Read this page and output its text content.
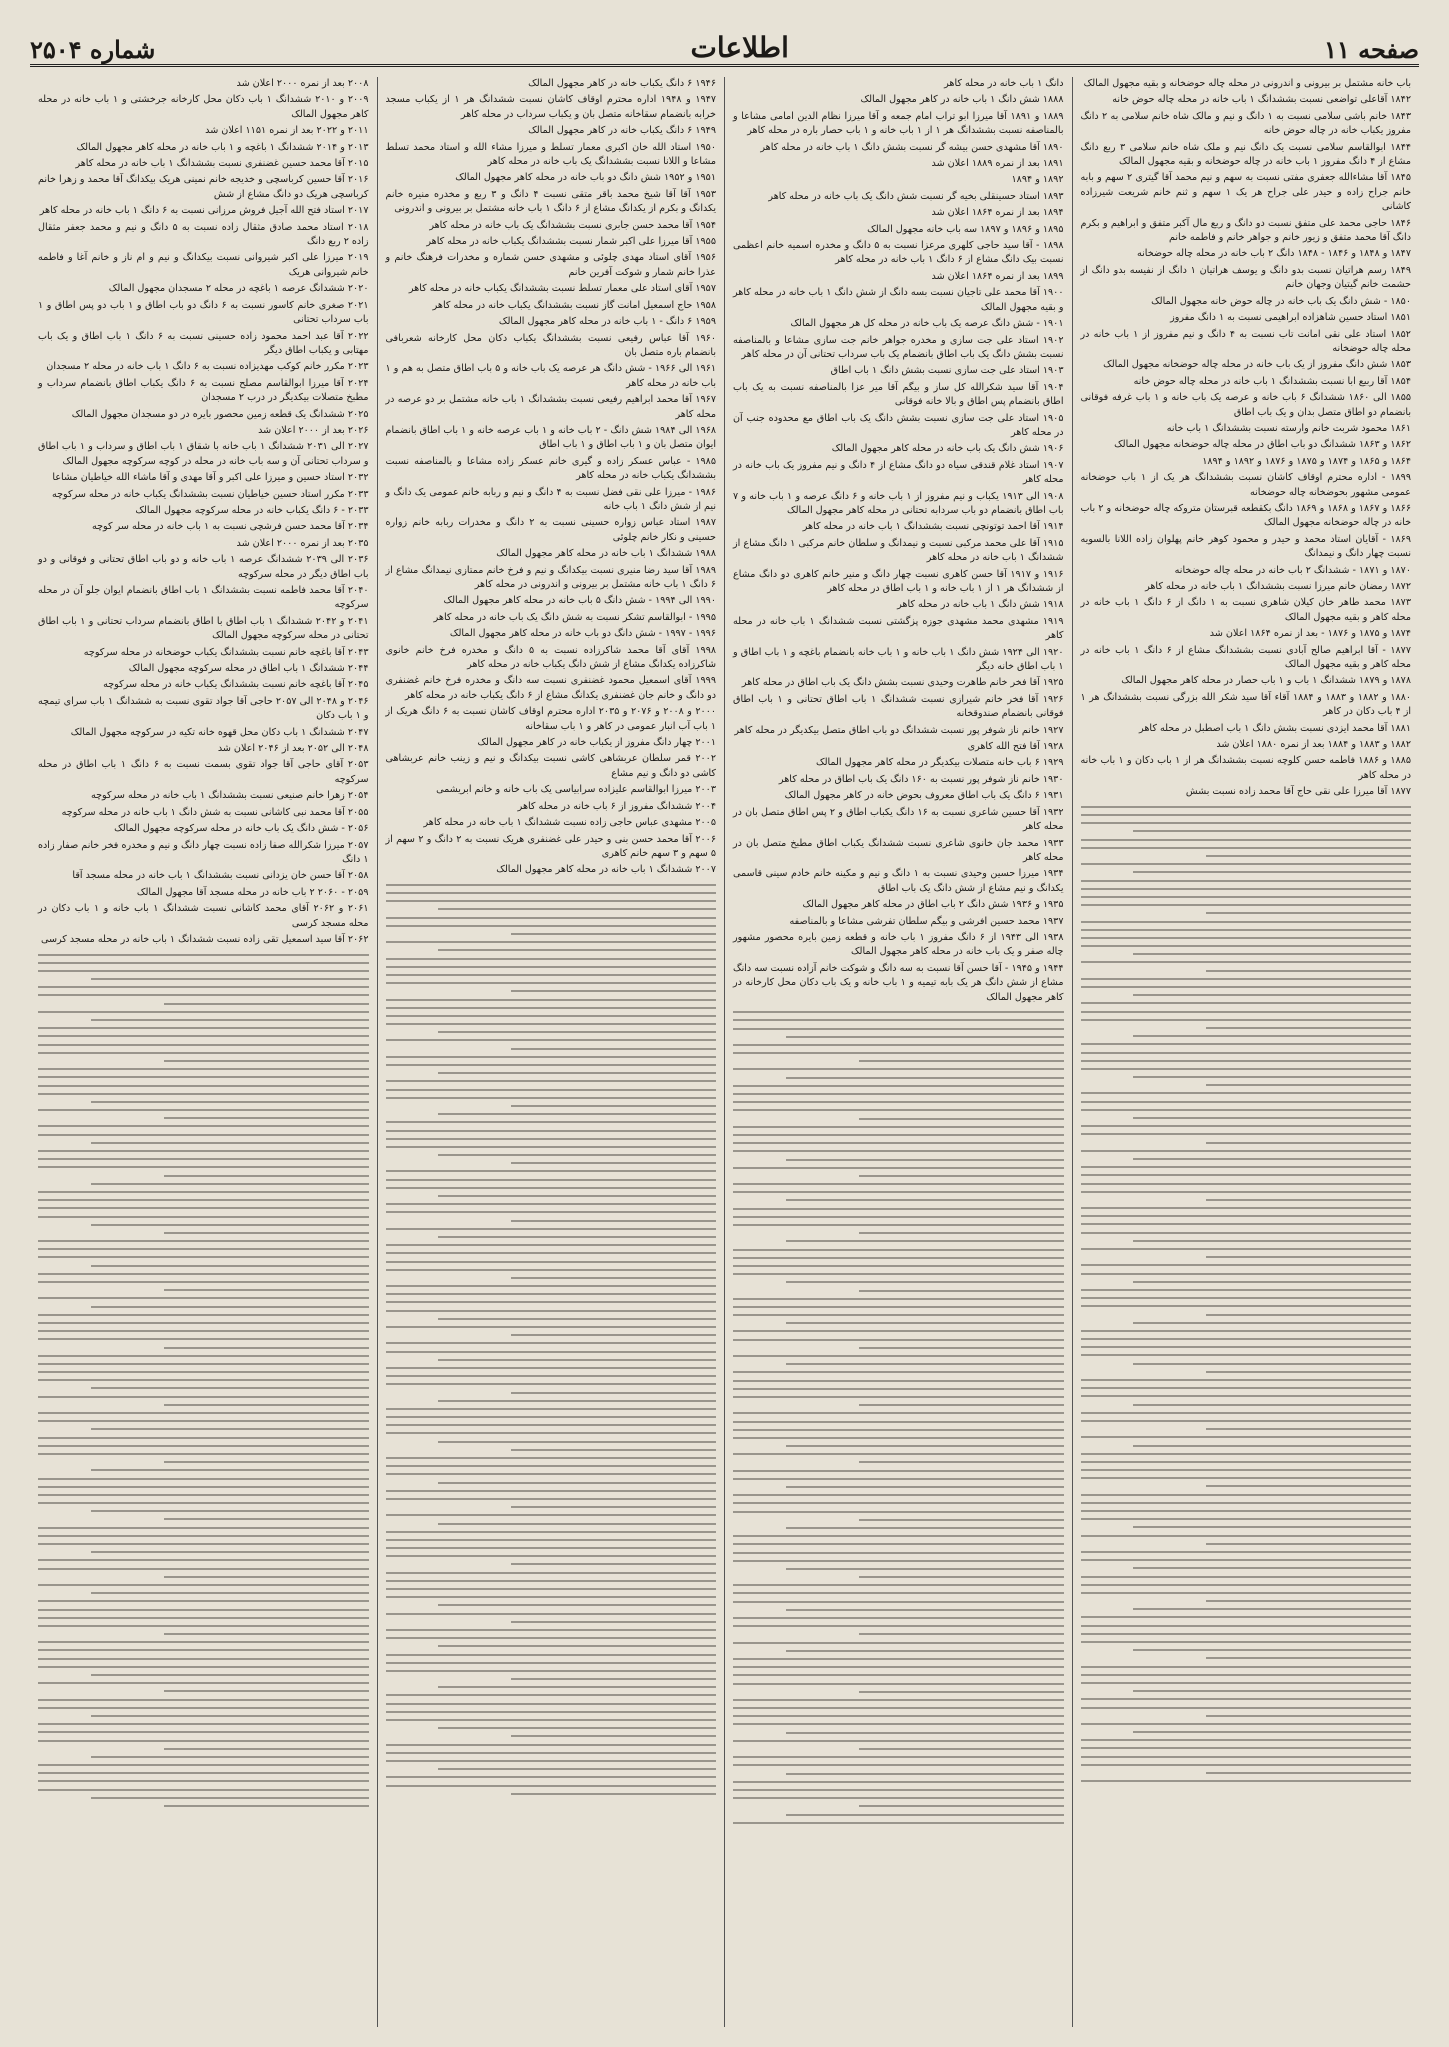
صفحه ۱۱
اطلاعات
شماره ۲۵۰۴

باب خانه مشتمل بر بیرونی و اندرونی در محله چاله حوضخانه و بقیه مجهول المالک

۱۸۴۲ آقاعلی تواضعی نسبت بششدانگ ۱ باب خانه در محله چاله حوض خانه

۱۸۴۳ خانم باشی سلامی نسبت به ۱ دانگ و نیم و مالک شاه خانم سلامی به ۲ دانگ مفروز یکباب خانه در چاله حوض خانه

۱۸۴۴ ابوالقاسم سلامی نسبت یک دانگ نیم و ملک شاه خانم سلامی ۳ ربع دانگ مشاع از ۴ دانگ مفروز ۱ باب خانه در چاله حوضخانه و بقیه مجهول المالک

۱۸۴۵ آقا مشاءالله جعفری مفتی نسبت به سهم و نیم محمد آقا گیتری ۲ سهم و بابه خانم جراح زاده و حیدر علی جراح هر یک ۱ سهم و ثنم خانم شریعت شیرزاده کاشانی

۱۸۴۶ حاجی محمد علی متفق نسبت دو دانگ و ربع مال آکبر متفق و ابراهیم و بکرم دانگ آقا محمد متفق و زیور خانم و جواهر خانم و فاطمه خانم

۱۸۴۷ و ۱۸۴۸ و ۱۸۴۶ - ۱۸۴۸ دانگ ۲ باب خانه در محله چاله حوضخانه

۱۸۴۹ رسم هراتیان نسبت بدو دانگ و یوسف هراتیان ۱ دانگ از نفیسه بدو دانگ از حشمت خانم گیتیان وجهان خانم

۱۸۵۰ - شش دانگ یک باب خانه در چاله حوض خانه مجهول المالک

۱۸۵۱ استاد حسین شاهزاده ابراهیمی نسبت به ۱ دانگ مفروز

۱۸۵۲ استاد علی نقی امانت تاب نسبت به ۴ دانگ و نیم مفروز از ۱ باب خانه در محله چاله حوضخانه

۱۸۵۳ شش دانگ مفروز از یک باب خانه در محله چاله حوضخانه مجهول المالک

۱۸۵۴ آقا ربیع ابا نسبت بششدانگ ۱ باب خانه در محله چاله حوض خانه

۱۸۵۵ الی ۱۸۶۰ ششدانگ ۶ باب خانه و عرصه یک باب خانه و ۱ باب غرفه فوقانی بانضمام دو اطاق متصل بدان و یک باب اطاق

۱۸۶۱ محمود شربت خانم وارسته نسبت بششدانگ ۱ باب خانه

۱۸۶۲ و ۱۸۶۳ ششدانگ دو باب اطاق در محله چاله حوضخانه مجهول المالک

۱۸۶۴ و ۱۸۶۵ و ۱۸۷۴ و ۱۸۷۵ و ۱۸۷۶ و ۱۸۹۲ و ۱۸۹۴

۱۸۹۹ - اداره محترم اوقاف کاشان نسبت بششدانگ هر یک از ۱ باب حوضخانه عمومی مشهور بحوضخانه چاله حوضخانه

۱۸۶۶ و ۱۸۶۷ و ۱۸۶۸ و ۱۸۶۹ دانگ بکقطعه قبرستان متروکه چاله حوضخانه و ۲ باب خانه در چاله حوضخانه مجهول المالک

۱۸۶۹ - آقایان استاد محمد و حیدر و محمود کوهر خانم پهلوان زاده اللانا بالسویه نسبت چهار دانگ و نیمدانگ

۱۸۷۰ و ۱۸۷۱ - ششدانگ ۲ باب خانه در محله چاله حوضخانه

۱۸۷۲ رمضان خانم میرزا نسبت بششدانگ ۱ باب خانه در محله کاهر

۱۸۷۳ محمد طاهر خان کیلان شاهری نسبت به ۱ دانگ از ۶ دانگ ۱ باب خانه در محله کاهر و بقیه مجهول المالک

۱۸۷۴ و ۱۸۷۵ و ۱۸۷۶ - بعد از نمره ۱۸۶۴ اعلان شد

۱۸۷۷ - آقا ابراهیم صالح آبادی نسبت بششدانگ مشاع از ۶ دانگ ۱ باب خانه در محله کاهر و بقیه مجهول المالک

۱۸۷۸ و ۱۸۷۹ ششدانگ ۱ باب و ۱ باب حصار در محله کاهر مجهول المالک

۱۸۸۰ و ۱۸۸۲ و ۱۸۸۳ و ۱۸۸۴ آقاء آقا سید شکر الله بزرگی نسبت بششدانگ هر ۱ از ۴ باب دکان در کاهر

۱۸۸۱ آقا محمد ایزدی نسبت بشش دانگ ۱ باب اصطبل در محله کاهر

۱۸۸۲ و ۱۸۸۳ و ۱۸۸۴ بعد از نمره ۱۸۸۰ اعلان شد

۱۸۸۵ و ۱۸۸۶ فاطمه حسن کلوچه نسبت بششدانگ هر از ۱ باب دکان و ۱ باب خانه در محله کاهر

۱۸۷۷ آقا میرزا علی نقی حاج آقا محمد زاده نسبت بشش

دانگ ۱ باب خانه در محله کاهر

۱۸۸۸ شش دانگ ۱ باب خانه در کاهر مجهول المالک

۱۸۸۹ و ۱۸۹۱ آقا میرزا ابو تراب امام جمعه و آقا میرزا نظام الدین امامی مشاعا و بالمناصفه نسبت بششدانگ هر ۱ از ۱ باب خانه و ۱ باب حصار باره در محله کاهر

۱۸۹۰ آقا مشهدی حسن بیشه گر نسبت بشش دانگ ۱ باب خانه در محله کاهر

۱۸۹۱ بعد از نمره ۱۸۸۹ اعلان شد

۱۸۹۲ و ۱۸۹۴

۱۸۹۳ استاد حسینقلی بخیه گر نسبت شش دانگ یک باب خانه در محله کاهر

۱۸۹۴ بعد از نمره ۱۸۶۴ اعلان شد

۱۸۹۵ و ۱۸۹۶ و ۱۸۹۷ سه باب خانه مجهول المالک

۱۸۹۸ - آقا سید حاجی کلهری مرعزا نسبت به ۵ دانگ و مخدره اسمیه خانم اعظمی نسبت بیک دانگ مشاع از ۶ دانگ ۱ باب خانه در محله کاهر

۱۸۹۹ بعد از نمره ۱۸۶۴ اعلان شد

۱۹۰۰ آقا محمد علی تاجیان نسبت بسه دانگ از شش دانگ ۱ باب خانه در محله کاهر و بقیه مجهول المالک

۱۹۰۱ - شش دانگ عرصه یک باب خانه در محله کل هر مجهول المالک

۱۹۰۲ استاد علی جت سازی و مخدره جواهر خانم جت سازی مشاعا و بالمناصفه نسبت بشش دانگ یک باب اطاق بانضمام یک باب سرداب تحتانی آن در محله کاهر

۱۹۰۳ استاد علی جت سازی نسبت بشش دانگ ۱ باب اطاق

۱۹۰۴ آقا سید شکرالله کل ساز و بیگم آقا میر عزا بالمناصفه نسبت به یک باب اطاق بانضمام پس اطاق و بالا خانه فوقانی

۱۹۰۵ استاد علی جت سازی نسبت بشش دانگ یک باب اطاق مع محدوده جنب آن در محله کاهر

۱۹۰۶ شش دانگ یک باب خانه در محله کاهر مجهول المالک

۱۹۰۷ استاد غلام قندقی سیاه دو دانگ مشاع از ۴ دانگ و نیم مفروز یک باب خانه در محله کاهر

۱۹۰۸ الی ۱۹۱۳ یکباب و نیم مفروز از ۱ باب خانه و ۶ دانگ عرصه و ۱ باب خانه و ۷ باب اطاق بانضمام دو باب سردابه تحتانی در محله کاهر مجهول المالک

۱۹۱۴ آقا احمد توتونچی نسبت بششدانگ ۱ باب خانه در محله کاهر

۱۹۱۵ آقا علی محمد مرکبی نسبت و نیمدانگ و سلطان خانم مرکبی ۱ دانگ مشاع از ششدانگ ۱ باب خانه در محله کاهر

۱۹۱۶ و ۱۹۱۷ آقا حسن کاهری نسبت چهار دانگ و منیر خانم کاهری دو دانگ مشاع از ششدانگ هر ۱ از ۱ باب خانه و ۱ باب اطاق در محله کاهر

۱۹۱۸ شش دانگ ۱ باب خانه در محله کاهر

۱۹۱۹ مشهدی محمد مشهدی جوزه پزگشتی نسبت ششدانگ ۱ باب خانه در محله کاهر

۱۹۲۰ الی ۱۹۲۴ شش دانگ ۱ باب خانه و ۱ باب خانه بانضمام باغچه و ۱ باب اطاق و ۱ باب اطاق خانه دیگر

۱۹۲۵ آقا فخر خانم طاهرت وحیدی نسبت بشش دانگ یک باب اطاق در محله کاهر

۱۹۲۶ آقا فخر خانم شیرازی نسبت ششدانگ ۱ باب اطاق تحتانی و ۱ باب اطاق فوقانی بانضمام صندوقخانه

۱۹۲۷ خانم ناز شوفر پور نسبت ششدانگ دو باب اطاق متصل بیکدیگر در محله کاهر

۱۹۲۸ آقا فتح الله کاهری

۱۹۲۹ ۶ باب خانه متصلات بیکدیگر در محله کاهر مجهول المالک

۱۹۳۰ خانم ناز شوفر پور نسبت به ۱۶۰ دانگ یک باب اطاق در محله کاهر

۱۹۳۱ ۶ دانگ یک باب اطاق معروف بحوض خانه در کاهر مجهول المالک

۱۹۳۲ آقا حسین شاعری نسبت به ۱۶ دانگ یکباب اطاق و ۲ پس اطاق متصل بان در محله کاهر

۱۹۳۳ محمد جان خانوی شاعری نسبت ششدانگ یکباب اطاق مطبخ متصل بان در محله کاهر

۱۹۳۴ میرزا حسین وحیدی نسبت به ۱ دانگ و نیم و مکینه خانم خادم سینی قاسمی یکدانگ و نیم مشاع از شش دانگ یک باب اطاق

۱۹۳۵ و ۱۹۳۶ شش دانگ ۲ باب اطاق در محله کاهر مجهول المالک

۱۹۳۷ محمد حسین افرشی و بیگم سلطان تفرشی مشاعا و بالمناصفه

۱۹۳۸ الی ۱۹۴۳ از ۶ دانگ مفروز ۱ باب خانه و قطعه زمین بایره محصور مشهور چاله صفر و یک باب خانه در محله کاهر مجهول المالک

۱۹۴۴ و ۱۹۴۵ - آقا حسن آقا نسبت به سه دانگ و شوکت خانم آزاده نسبت سه دانگ مشاع از شش دانگ هر یک بابه تیمیه و ۱ باب خانه و یک باب دکان محل کارخانه در کاهر مجهول المالک

۱۹۴۶ ۶ دانگ یکباب خانه در کاهر مجهول المالک

۱۹۴۷ و ۱۹۴۸ اداره محترم اوقاف کاشان نسبت ششدانگ هر ۱ از یکباب مسجد خرابه بانضمام سقاخانه متصل بان و یکباب سرداب در محله کاهر

۱۹۴۹ ۶ دانگ یکباب خانه در کاهر مجهول المالک

۱۹۵۰ استاد الله خان اکبری معمار تسلط و میرزا مشاء الله و استاد محمد تسلط مشاعا و اللانا نسبت بششدانگ یک باب خانه در محله کاهر

۱۹۵۱ و ۱۹۵۲ شش دانگ دو باب خانه در محله کاهر مجهول المالک

۱۹۵۳ آقا آقا شیخ محمد باقر متقی نسبت ۴ دانگ و ۳ ربع و مخدره منیره خانم یکدانگ و بکرم از یکدانگ مشاع از ۶ دانگ ۱ باب خانه مشتمل بر بیرونی و اندرونی

۱۹۵۴ آقا محمد حسن جابری نسبت بششدانگ یک باب خانه در محله کاهر

۱۹۵۵ آقا میرزا علی اکبر شمار نسبت بششدانگ یکباب خانه در محله کاهر

۱۹۵۶ آقای استاد مهدی چلوئی و مشهدی حسن شماره و مخدرات فرهنگ خانم و عذرا خانم شمار و شوکت آفرین خانم

۱۹۵۷ آقای استاد علی معمار تسلط نسبت بششدانگ یکباب خانه در محله کاهر

۱۹۵۸ حاج اسمعیل امانت گاز نسبت بششدانگ یکباب خانه در محله کاهر

۱۹۵۹ ۶ دانگ - ۱ باب خانه در محله کاهر مجهول المالک

۱۹۶۰ آقا عباس رفیعی نسبت بششدانگ یکباب دکان محل کارخانه شعربافی بانضمام باره متصل بان

۱۹۶۱ الی ۱۹۶۶ - شش دانگ هر عرصه یک باب خانه و ۵ باب اطاق متصل به هم و ۱ باب خانه در محله کاهر

۱۹۶۷ آقا محمد ابراهیم رفیعی نسبت بششدانگ ۱ باب خانه مشتمل بر دو عرصه در محله کاهر

۱۹۶۸ الی ۱۹۸۴ شش دانگ - ۲ باب خانه و ۱ باب عرصه خانه و ۱ باب اطاق بانضمام ایوان متصل بان و ۱ باب اطاق و ۱ باب اطاق

۱۹۸۵ - عباس عسکر زاده و گیری خانم عسکر زاده مشاعا و بالمناصفه نسبت بششدانگ یکباب خانه در محله کاهر

۱۹۸۶ - میرزا علی نقی فضل نسبت به ۴ دانگ و نیم و ربابه خانم عمومی یک دانگ و نیم از شش دانگ ۱ باب خانه

۱۹۸۷ استاد عباس زواره حسینی نسبت به ۲ دانگ و مخدرات ربابه خانم زواره حسینی و نکار خانم چلوئی

۱۹۸۸ ششدانگ ۱ باب خانه در محله کاهر مجهول المالک

۱۹۸۹ آقا سید رضا منیری نسبت بیکدانگ و نیم و فرخ خانم ممتازی نیمدانگ مشاع از ۶ دانگ ۱ باب خانه مشتمل بر بیرونی و اندرونی در محله کاهر

۱۹۹۰ الی ۱۹۹۴ - شش دانگ ۵ باب خانه در محله کاهر مجهول المالک

۱۹۹۵ - ابوالقاسم تشکر نسبت به شش دانگ یک باب خانه در محله کاهر

۱۹۹۶ - ۱۹۹۷ - شش دانگ دو باب خانه در محله کاهر مجهول المالک

۱۹۹۸ آقای آقا محمد شاکرزاده نسبت به ۵ دانگ و مخدره فرخ خانم خانوی شاکرزاده یکدانگ مشاع از شش دانگ یکباب خانه در محله کاهر

۱۹۹۹ آقای اسمعیل محمود غضنفری نسبت سه دانگ و مخدره فرخ خانم غضنفری دو دانگ و خانم جان غضنفری یکدانگ مشاع از ۶ دانگ یکباب خانه در محله کاهر

۲۰۰۰ و ۲۰۰۸ و ۲۰۷۶ و ۲۰۳۵ اداره محترم اوقاف کاشان نسبت به ۶ دانگ هریک از ۱ باب آب انبار عمومی در کاهر و ۱ باب سقاخانه

۲۰۰۱ چهار دانگ مفروز از یکباب خانه در کاهر مجهول المالک

۲۰۰۲ قمر سلطان عربشاهی کاشی نسبت بیکدانگ و نیم و زینب خانم عربشاهی کاشی دو دانگ و نیم مشاع

۲۰۰۳ میرزا ابوالقاسم علیزاده سرابیاسی یک باب خانه و خانم ابریشمی

۲۰۰۴ ششدانگ مفروز از ۶ باب خانه در محله کاهر

۲۰۰۵ مشهدی عباس حاجی زاده نسبت ششدانگ ۱ باب خانه در محله کاهر

۲۰۰۶ آقا محمد حسن بنی و حیدر علی غضنفری هریک نسبت به ۲ دانگ و ۲ سهم از ۵ سهم و ۳ سهم خانم کاهری

۲۰۰۷ ششدانگ ۱ باب خانه در محله کاهر مجهول المالک

۲۰۰۸ بعد از نمره ۲۰۰۰ اعلان شد

۲۰۰۹ و ۲۰۱۰ ششدانگ ۱ باب دکان محل کارخانه جرخشتی و ۱ باب خانه در محله کاهر مجهول المالک

۲۰۱۱ و ۲۰۲۲ بعد از نمره ۱۱۵۱ اعلان شد

۲۰۱۳ و ۲۰۱۴ ششدانگ ۱ باغچه و ۱ باب خانه در محله کاهر مجهول المالک

۲۰۱۵ آقا محمد حسین غضنفری نسبت بششدانگ ۱ باب خانه در محله کاهر

۲۰۱۶ آقا حسین کرباسچی و خدیجه خانم نمینی هریک بیکدانگ آقا محمد و زهرا خانم کرباسچی هریک دو دانگ مشاع از شش

۲۰۱۷ استاد فتح الله آجیل فروش مرزانی نسبت به ۶ دانگ ۱ باب خانه در محله کاهر

۲۰۱۸ استاد محمد صادق مثقال زاده نسبت به ۵ دانگ و نیم و محمد جعفر مثقال زاده ۲ ربع دانگ

۲۰۱۹ میرزا علی اکبر شیروانی نسبت بیکدانگ و نیم و ام ناز و خانم آغا و فاطمه خانم شیروانی هریک

۲۰۲۰ ششدانگ عرصه ۱ باغچه در محله ۲ مسجدان مجهول المالک

۲۰۲۱ صغری خانم کاسور نسبت به ۶ دانگ دو باب اطاق و ۱ باب دو پس اطاق و ۱ باب سرداب تحتانی

۲۰۲۲ آقا عبد احمد محمود زاده حسینی نسبت به ۶ دانگ ۱ باب اطاق و یک باب مهتابی و یکباب اطاق دیگر

۲۰۲۳ مکرر خانم کوکب مهدیزاده نسبت به ۶ دانگ ۱ باب خانه در محله ۲ مسجدان

۲۰۲۴ آقا میرزا ابوالقاسم مصلح نسبت به ۶ دانگ یکباب اطاق بانضمام سرداب و مطبخ متصلات بیکدیگر در درب ۲ مسجدان

۲۰۲۵ ششدانگ یک قطعه زمین محصور بایره در دو مسجدان مجهول المالک

۲۰۲۶ بعد از ۲۰۰۰ اعلان شد

۲۰۲۷ الی ۲۰۳۱ ششدانگ ۱ باب خانه با شقاق ۱ باب اطاق و سرداب و ۱ باب اطاق و سرداب تحتانی آن و سه باب خانه در محله در کوچه سرکوچه مجهول المالک

۲۰۳۲ استاد حسین و میرزا علی اکبر و آقا مهدی و آقا ماشاء الله خیاطیان مشاعا

۲۰۳۳ مکرر استاد حسین خیاطیان نسبت بششدانگ یکباب خانه در محله سرکوچه

۲۰۳۳ - ۶ دانگ یکباب خانه در محله سرکوچه مجهول المالک

۲۰۳۴ آقا محمد حسن فرشچی نسبت به ۱ باب خانه در محله سر کوچه

۲۰۳۵ بعد از نمره ۲۰۰۰ اعلان شد

۲۰۳۶ الی ۲۰۳۹ ششدانگ عرصه ۱ باب خانه و دو باب اطاق تحتانی و فوقانی و دو باب اطاق دیگر در محله سرکوچه

۲۰۴۰ آقا محمد فاطمه نسبت بششدانگ ۱ باب اطاق بانضمام ایوان جلو آن در محله سرکوچه

۲۰۴۱ و ۲۰۴۲ ششدانگ ۱ باب اطاق با اطاق بانضمام سرداب تحتانی و ۱ باب اطاق تحتانی در محله سرکوچه مجهول المالک

۲۰۴۳ آقا باغچه خانم نسبت بششدانگ یکباب حوضخانه در محله سرکوچه

۲۰۴۴ ششدانگ ۱ باب اطاق در محله سرکوچه مجهول المالک

۲۰۴۵ آقا باغچه خانم نسبت بششدانگ یکباب خانه در محله سرکوچه

۲۰۴۶ و ۲۰۴۸ الی ۲۰۵۷ حاجی آقا جواد تقوی نسبت به ششدانگ ۱ باب سرای تیمچه و ۱ باب دکان

۲۰۴۷ ششدانگ ۱ باب دکان محل قهوه خانه تکیه در سرکوچه مجهول المالک

۲۰۴۸ الی ۲۰۵۲ بعد از ۲۰۴۶ اعلان شد

۲۰۵۳ آقای حاجی آقا جواد تقوی بسمت نسبت به ۶ دانگ ۱ باب اطاق در محله سرکوچه

۲۰۵۴ زهرا خانم صنیعی نسبت بششدانگ ۱ باب خانه در محله سرکوچه

۲۰۵۵ آقا محمد نبی کاشانی نسبت به شش دانگ ۱ باب خانه در محله سرکوچه

۲۰۵۶ - شش دانگ یک باب خانه در محله سرکوچه مجهول المالک

۲۰۵۷ میرزا شکرالله صفا زاده نسبت چهار دانگ و نیم و مخدره فخر خانم صفار زاده ۱ دانگ

۲۰۵۸ آقا حسن خان یزدانی نسبت بششدانگ ۱ باب خانه در محله مسجد آقا

۲۰۵۹ - ۲۰۶۰ ۲ باب خانه در محله مسجد آقا مجهول المالک

۲۰۶۱ و ۲۰۶۲ آقای محمد کاشانی نسبت ششدانگ ۱ باب خانه و ۱ باب دکان در محله مسجد کرسی

۲۰۶۲ آقا سید اسمعیل تقی زاده نسبت ششدانگ ۱ باب خانه در محله مسجد کرسی
